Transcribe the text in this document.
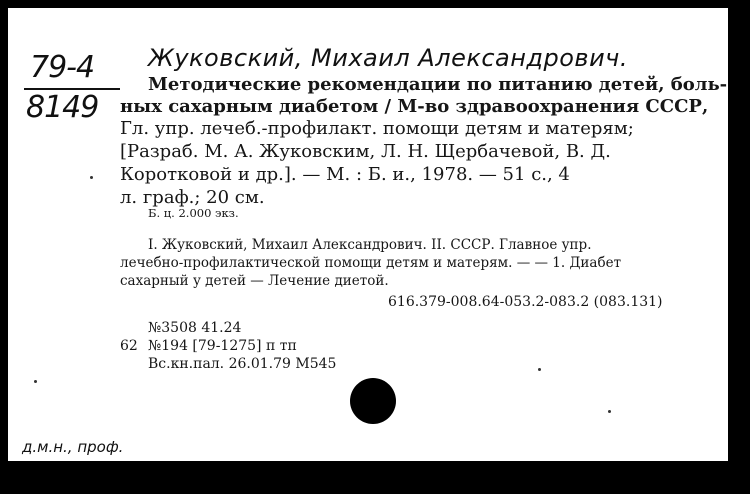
79-4
8149
Жуковский, Михаил Александрович.
Методические рекомендации по питанию детей, боль-
ных сахарным диабетом / М-во здравоохранения СССР,
Гл. упр. лечеб.-профилакт. помощи детям и матерям;
[Разраб. М. А. Жуковским, Л. Н. Щербачевой, В. Д.
Коротковой и др.]. — М. : Б. и., 1978. — 51 с., 4
л. граф.; 20 см.
Б. ц. 2.000 экз.
I. Жуковский, Михаил Александрович. II. СССР. Главное упр.
лечебно-профилактической помощи детям и матерям. — — 1. Диабет
сахарный у детей — Лечение диетой.
616.379-008.64-053.2-083.2 (083.131)
№3508 41.24
62 №194 [79-1275] п тп
Вс.кн.пал. 26.01.79 М545
д.м.н., проф.
